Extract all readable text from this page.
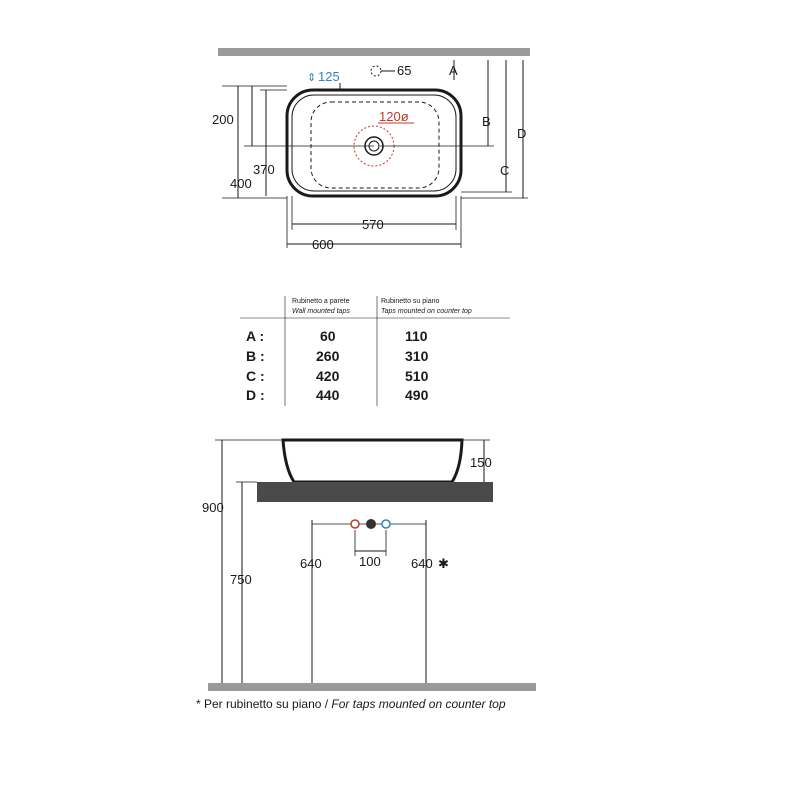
65
125
⇕
120ø
200
370
400
570
600
A
B
C
D
Rubinetto a parete
Wall mounted taps
Rubinetto su piano
Taps mounted on counter top
A :	60	110
B :	260	310
C :	420	510
D :	440	490
150
900
750
640	640 ✱
100
* Per rubinetto su piano / For taps mounted on counter top
